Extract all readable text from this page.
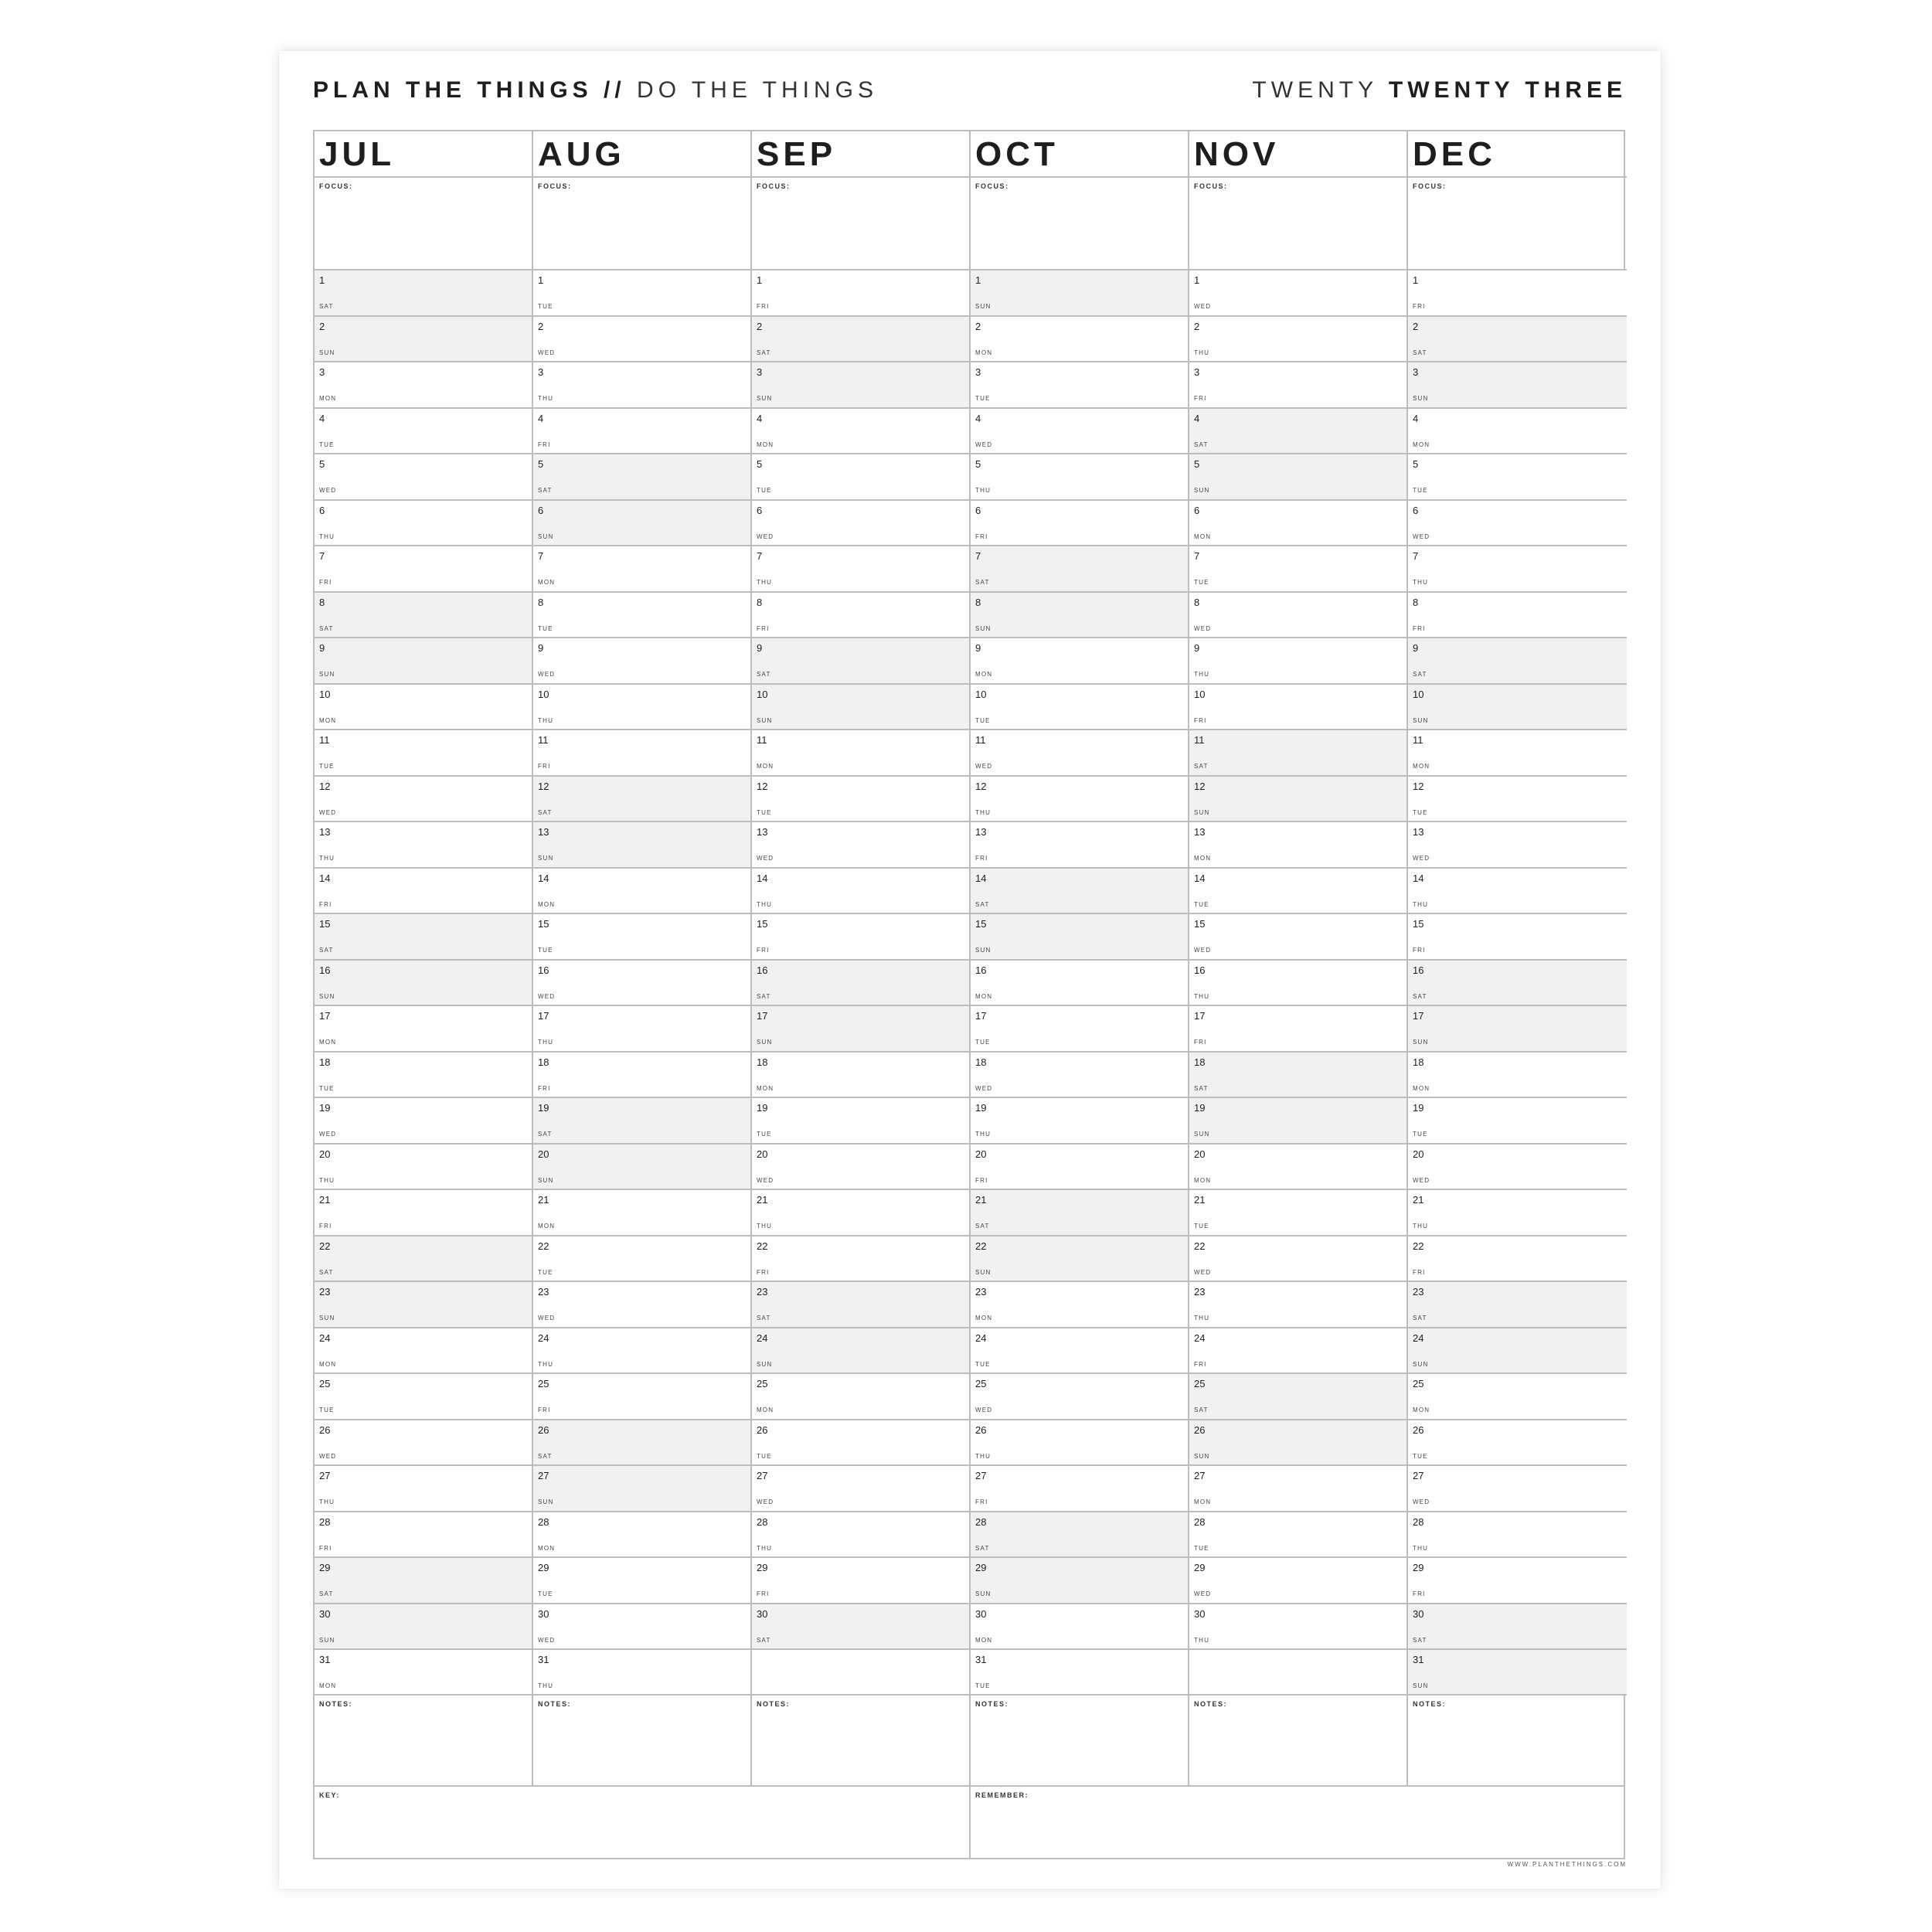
PLAN THE THINGS // DO THE THINGS	TWENTY TWENTY THREE
JUL
FOCUS:
1
SAT
2
SUN
3
MON
4
TUE
5
WED
6
THU
7
FRI
8
SAT
9
SUN
10
MON
11
TUE
12
WED
13
THU
14
FRI
15
SAT
16
SUN
17
MON
18
TUE
19
WED
20
THU
21
FRI
22
SAT
23
SUN
24
MON
25
TUE
26
WED
27
THU
28
FRI
29
SAT
30
SUN
31
MON
NOTES:
AUG
FOCUS:
1
TUE
2
WED
3
THU
4
FRI
5
SAT
6
SUN
7
MON
8
TUE
9
WED
10
THU
11
FRI
12
SAT
13
SUN
14
MON
15
TUE
16
WED
17
THU
18
FRI
19
SAT
20
SUN
21
MON
22
TUE
23
WED
24
THU
25
FRI
26
SAT
27
SUN
28
MON
29
TUE
30
WED
31
THU
NOTES:
SEP
FOCUS:
1
FRI
2
SAT
3
SUN
4
MON
5
TUE
6
WED
7
THU
8
FRI
9
SAT
10
SUN
11
MON
12
TUE
13
WED
14
THU
15
FRI
16
SAT
17
SUN
18
MON
19
TUE
20
WED
21
THU
22
FRI
23
SAT
24
SUN
25
MON
26
TUE
27
WED
28
THU
29
FRI
30
SAT
NOTES:
OCT
FOCUS:
1
SUN
2
MON
3
TUE
4
WED
5
THU
6
FRI
7
SAT
8
SUN
9
MON
10
TUE
11
WED
12
THU
13
FRI
14
SAT
15
SUN
16
MON
17
TUE
18
WED
19
THU
20
FRI
21
SAT
22
SUN
23
MON
24
TUE
25
WED
26
THU
27
FRI
28
SAT
29
SUN
30
MON
31
TUE
NOTES:
NOV
FOCUS:
1
WED
2
THU
3
FRI
4
SAT
5
SUN
6
MON
7
TUE
8
WED
9
THU
10
FRI
11
SAT
12
SUN
13
MON
14
TUE
15
WED
16
THU
17
FRI
18
SAT
19
SUN
20
MON
21
TUE
22
WED
23
THU
24
FRI
25
SAT
26
SUN
27
MON
28
TUE
29
WED
30
THU
NOTES:
DEC
FOCUS:
1
FRI
2
SAT
3
SUN
4
MON
5
TUE
6
WED
7
THU
8
FRI
9
SAT
10
SUN
11
MON
12
TUE
13
WED
14
THU
15
FRI
16
SAT
17
SUN
18
MON
19
TUE
20
WED
21
THU
22
FRI
23
SAT
24
SUN
25
MON
26
TUE
27
WED
28
THU
29
FRI
30
SAT
31
SUN
NOTES:
KEY:	REMEMBER:
WWW.PLANTHETHINGS.COM
